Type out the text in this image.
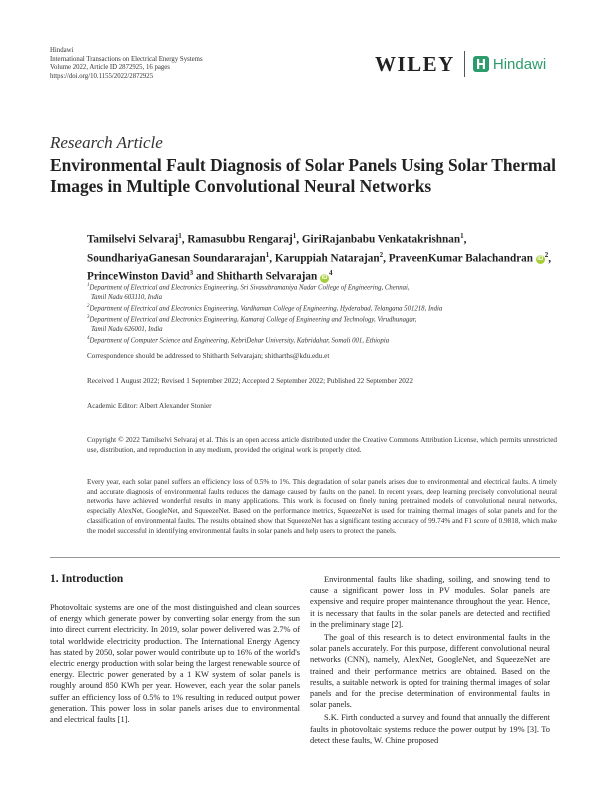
Hindawi
International Transactions on Electrical Energy Systems
Volume 2022, Article ID 2872925, 16 pages
https://doi.org/10.1155/2022/2872925
WILEY	Hindawi
Research Article
Environmental Fault Diagnosis of Solar Panels Using Solar Thermal Images in Multiple Convolutional Neural Networks
Tamilselvi Selvaraj$^1$, Ramasubbu Rengaraj$^1$, GiriRajanbabu Venkatakrishnan$^1$, SoundhariyaGanesan Soundararajan$^1$, Karuppiah Natarajan$^2$, PraveenKumar Balachandran $iD^2$, PrinceWinston David$^3$ and Shitharth Selvarajan $iD^4$
$^1$Department of Electrical and Electronics Engineering, Sri Sivasubramaniya Nadar College of Engineering, Chennai,
Tamil Nadu 603110, India
$^2$Department of Electrical and Electronics Engineering, Vardhaman College of Engineering, Hyderabad, Telangana 501218, India
$^3$Department of Electrical and Electronics Engineering, Kamaraj College of Engineering and Technology, Virudhunagar,
Tamil Nadu 626001, India
$^4$Department of Computer Science and Engineering, KebriDehar University, Kabridahar, Somali 001, Ethiopia
Correspondence should be addressed to Shitharth Selvarajan; shitharths@kdu.edu.et
Received 1 August 2022; Revised 1 September 2022; Accepted 2 September 2022; Published 22 September 2022
Academic Editor: Albert Alexander Stonier
Copyright © 2022 Tamilselvi Selvaraj et al. This is an open access article distributed under the Creative Commons Attribution License, which permits unrestricted use, distribution, and reproduction in any medium, provided the original work is properly cited.
Every year, each solar panel suffers an efficiency loss of 0.5% to 1%. This degradation of solar panels arises due to environmental and electrical faults. A timely and accurate diagnosis of environmental faults reduces the damage caused by faults on the panel. In recent years, deep learning precisely convolutional neural networks have achieved wonderful results in many applications. This work is focused on finely tuning pretrained models of convolutional neural networks, especially AlexNet, GoogleNet, and SqueezeNet. Based on the performance metrics, SqueezeNet is used for training thermal images of solar panels and for the classification of environmental faults. The results obtained show that SqueezeNet has a significant testing accuracy of 99.74% and F1 score of 0.9818, which make the model successful in identifying environmental faults in solar panels and help users to protect the panels.
1. Introduction

Photovoltaic systems are one of the most distinguished and clean sources of energy which generate power by converting solar energy from the sun into direct current electricity. In 2019, solar power delivered was 2.7% of total worldwide electricity production. The International Energy Agency has stated by 2050, solar power would contribute up to 16% of the world's electric energy production with solar being the largest renewable source of energy. Electric power generated by a 1 KW system of solar panels is roughly around 850 KWh per year. However, each year the solar panels suffer an efficiency loss of 0.5% to 1% resulting in reduced output power generation. This power loss in solar panels arises due to environmental and electrical faults [1].

Environmental faults like shading, soiling, and snowing tend to cause a significant power loss in PV modules. Solar panels are expensive and require proper maintenance throughout the year. Hence, it is necessary that faults in the solar panels are detected and rectified in the preliminary stage [2].

The goal of this research is to detect environmental faults in the solar panels accurately. For this purpose, different convolutional neural networks (CNN), namely, AlexNet, GoogleNet, and SqueezeNet are trained and their performance metrics are obtained. Based on the results, a suitable network is opted for training thermal images of solar panels and for the precise determination of environmental faults in solar panels.

S.K. Firth conducted a survey and found that annually the different faults in photovoltaic systems reduce the power output by 19% [3]. To detect these faults, W. Chine proposed
